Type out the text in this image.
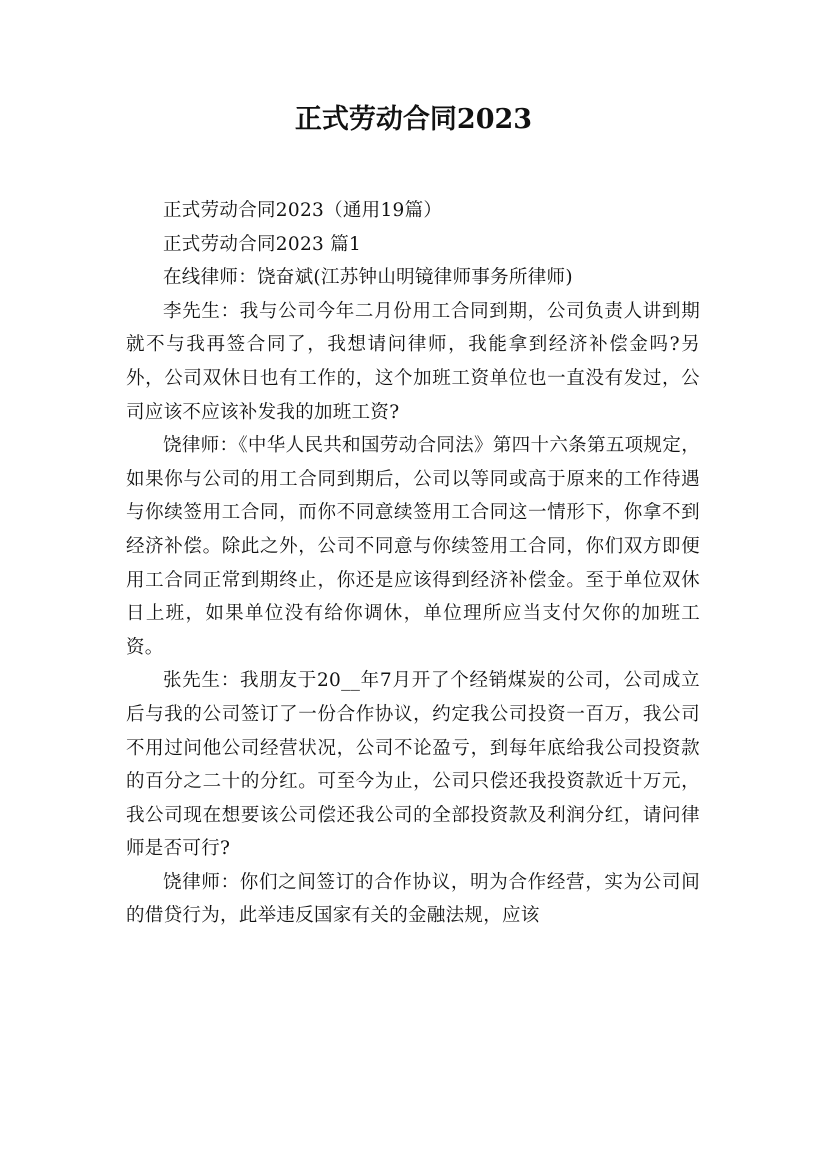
正式劳动合同2023

正式劳动合同2023（通用19篇）

正式劳动合同2023 篇1

在线律师：饶奋斌(江苏钟山明镜律师事务所律师)

李先生：我与公司今年二月份用工合同到期，公司负责人讲到期就不与我再签合同了，我想请问律师，我能拿到经济补偿金吗?另外，公司双休日也有工作的，这个加班工资单位也一直没有发过，公司应该不应该补发我的加班工资?

饶律师：《中华人民共和国劳动合同法》第四十六条第五项规定，如果你与公司的用工合同到期后，公司以等同或高于原来的工作待遇与你续签用工合同，而你不同意续签用工合同这一情形下，你拿不到经济补偿。除此之外，公司不同意与你续签用工合同，你们双方即便用工合同正常到期终止，你还是应该得到经济补偿金。至于单位双休日上班，如果单位没有给你调休，单位理所应当支付欠你的加班工资。

张先生：我朋友于20__年7月开了个经销煤炭的公司，公司成立后与我的公司签订了一份合作协议，约定我公司投资一百万，我公司不用过问他公司经营状况，公司不论盈亏，到每年底给我公司投资款的百分之二十的分红。可至今为止，公司只偿还我投资款近十万元，我公司现在想要该公司偿还我公司的全部投资款及利润分红，请问律师是否可行?

饶律师：你们之间签订的合作协议，明为合作经营，实为公司间的借贷行为，此举违反国家有关的金融法规，应该
